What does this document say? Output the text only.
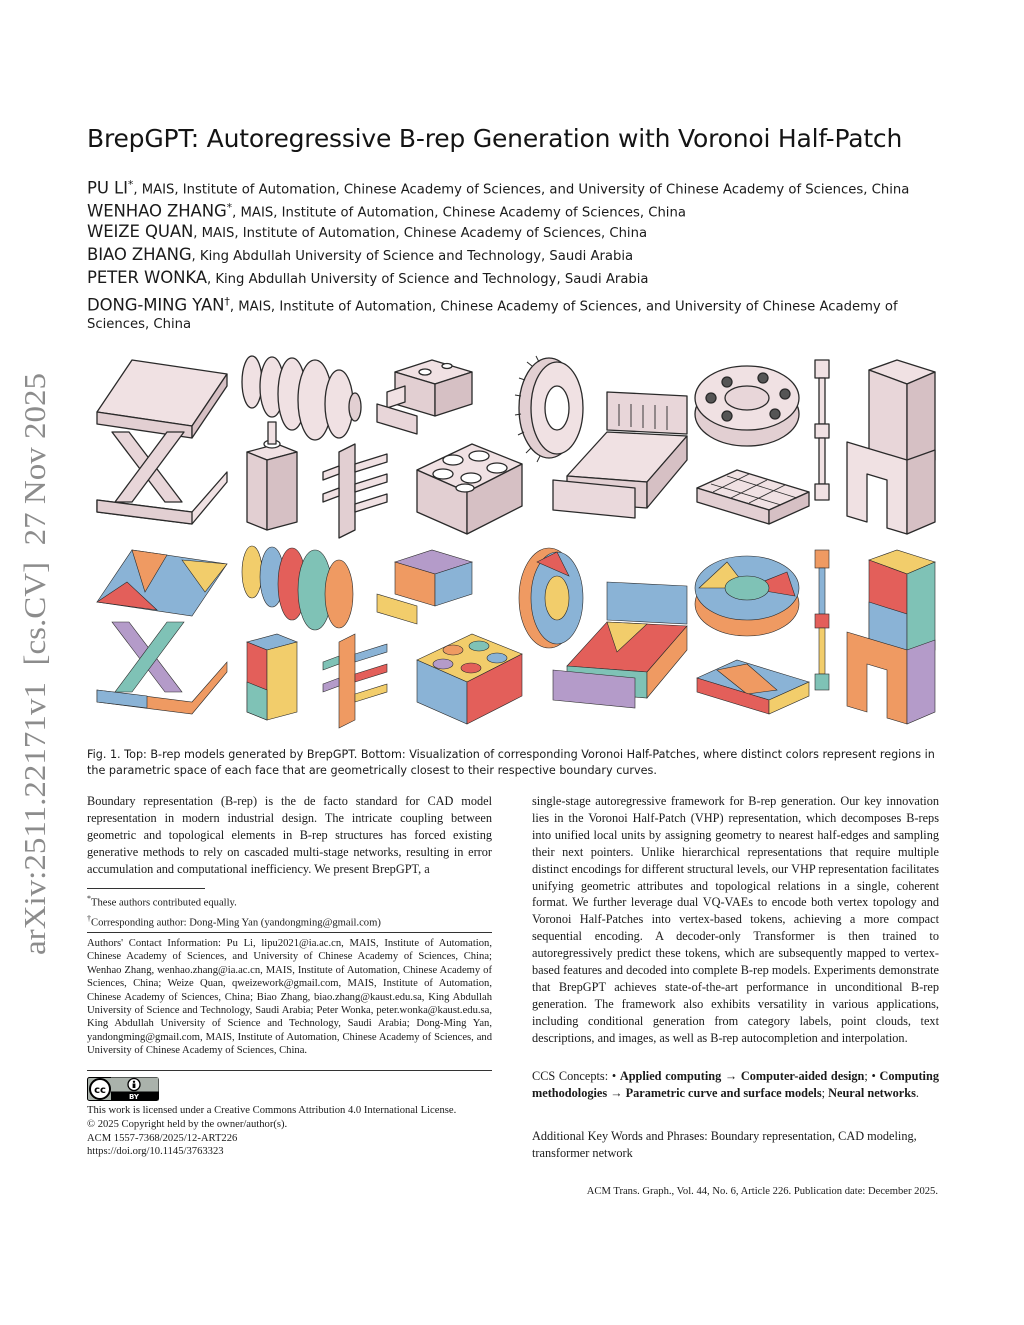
arXiv:2511.22171v1  [cs.CV]  27 Nov 2025
BrepGPT: Autoregressive B-rep Generation with Voronoi Half-Patch
PU LI*, MAIS, Institute of Automation, Chinese Academy of Sciences, and University of Chinese Academy of Sciences, China
WENHAO ZHANG*, MAIS, Institute of Automation, Chinese Academy of Sciences, China
WEIZE QUAN, MAIS, Institute of Automation, Chinese Academy of Sciences, China
BIAO ZHANG, King Abdullah University of Science and Technology, Saudi Arabia
PETER WONKA, King Abdullah University of Science and Technology, Saudi Arabia
DONG-MING YAN†, MAIS, Institute of Automation, Chinese Academy of Sciences, and University of Chinese Academy of
Sciences, China
Fig. 1. Top: B-rep models generated by BrepGPT. Bottom: Visualization of corresponding Voronoi Half-Patches, where distinct colors represent regions in the parametric space of each face that are geometrically closest to their respective boundary curves.
Boundary representation (B-rep) is the de facto standard for CAD model representation in modern industrial design. The intricate coupling between geometric and topological elements in B-rep structures has forced existing generative methods to rely on cascaded multi-stage networks, resulting in error accumulation and computational inefficiency. We present BrepGPT, a
single-stage autoregressive framework for B-rep generation. Our key innovation lies in the Voronoi Half-Patch (VHP) representation, which decomposes B-reps into unified local units by assigning geometry to nearest half-edges and sampling their next pointers. Unlike hierarchical representations that require multiple distinct encodings for different structural levels, our VHP representation facilitates unifying geometric attributes and topological relations in a single, coherent format. We further leverage dual VQ-VAEs to encode both vertex topology and Voronoi Half-Patches into vertex-based tokens, achieving a more compact sequential encoding. A decoder-only Transformer is then trained to autoregressively predict these tokens, which are subsequently mapped to vertex-based features and decoded into complete B-rep models. Experiments demonstrate that BrepGPT achieves state-of-the-art performance in unconditional B-rep generation. The framework also exhibits versatility in various applications, including conditional generation from category labels, point clouds, text descriptions, and images, as well as B-rep autocompletion and interpolation.
*These authors contributed equally.
†Corresponding author: Dong-Ming Yan (yandongming@gmail.com)
Authors' Contact Information: Pu Li, lipu2021@ia.ac.cn, MAIS, Institute of Automation, Chinese Academy of Sciences, and University of Chinese Academy of Sciences, China; Wenhao Zhang, wenhao.zhang@ia.ac.cn, MAIS, Institute of Automation, Chinese Academy of Sciences, China; Weize Quan, qweizework@gmail.com, MAIS, Institute of Automation, Chinese Academy of Sciences, China; Biao Zhang, biao.zhang@kaust.edu.sa, King Abdullah University of Science and Technology, Saudi Arabia; Peter Wonka, peter.wonka@kaust.edu.sa, King Abdullah University of Science and Technology, Saudi Arabia; Dong-Ming Yan, yandongming@gmail.com, MAIS, Institute of Automation, Chinese Academy of Sciences, and University of Chinese Academy of Sciences, China.
cc
BY
This work is licensed under a Creative Commons Attribution 4.0 International License.
© 2025 Copyright held by the owner/author(s).
ACM 1557-7368/2025/12-ART226
https://doi.org/10.1145/3763323
CCS Concepts: • Applied computing → Computer-aided design; • Computing methodologies → Parametric curve and surface models; Neural networks.
Additional Key Words and Phrases: Boundary representation, CAD modeling, transformer network
ACM Trans. Graph., Vol. 44, No. 6, Article 226. Publication date: December 2025.
